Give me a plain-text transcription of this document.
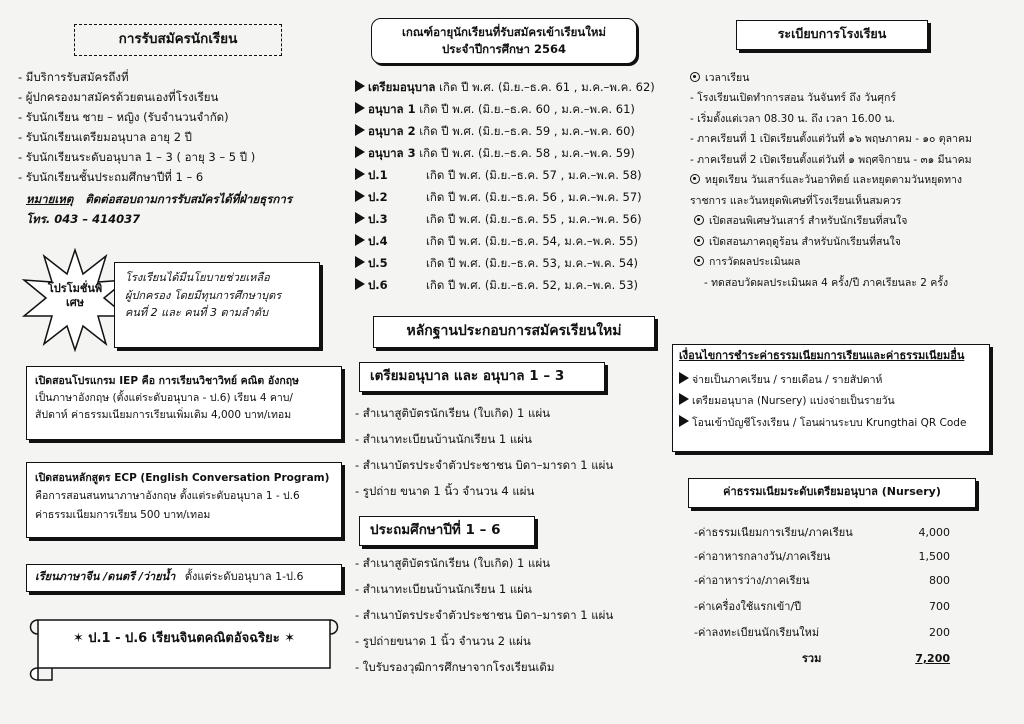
การรับสมัครนักเรียน
- มีบริการรับสมัครถึงที่
- ผู้ปกครองมาสมัครด้วยตนเองที่โรงเรียน
- รับนักเรียน ชาย – หญิง (รับจำนวนจำกัด)
- รับนักเรียนเตรียมอนุบาล อายุ 2 ปี
- รับนักเรียนระดับอนุบาล 1 – 3 ( อายุ 3 – 5 ปี )
- รับนักเรียนชั้นประถมศึกษาปีที่ 1 – 6
หมายเหตุ ติดต่อสอบถามการรับสมัครได้ที่ฝ่ายธุรการ
โทร. 043 – 414037
โปรโมชั่นพิเศษ
โรงเรียนได้มีนโยบายช่วยเหลือ
ผู้ปกครอง โดยมีทุนการศึกษาบุตร
คนที่ 2 และ คนที่ 3 ตามลำดับ
เปิดสอนโปรแกรม IEP คือ การเรียนวิชาวิทย์ คณิต อังกฤษ
เป็นภาษาอังกฤษ (ตั้งแต่ระดับอนุบาล - ป.6) เรียน 4 คาบ/
สัปดาห์ ค่าธรรมเนียมการเรียนเพิ่มเติม 4,000 บาท/เทอม
เปิดสอนหลักสูตร ECP (English Conversation Program)
คือการสอนสนทนาภาษาอังกฤษ ตั้งแต่ระดับอนุบาล 1 - ป.6
ค่าธรรมเนียมการเรียน 500 บาท/เทอม
เรียนภาษาจีน /ดนตรี /ว่ายน้ำ ตั้งแต่ระดับอนุบาล 1-ป.6
✶ ป.1 - ป.6 เรียนจินตคณิตอัจฉริยะ ✶
เกณฑ์อายุนักเรียนที่รับสมัครเข้าเรียนใหม่
ประจำปีการศึกษา 2564
เตรียมอนุบาล เกิด ปี พ.ศ. (มิ.ย.–ธ.ค. 61 , ม.ค.–พ.ค. 62)
อนุบาล 1 เกิด ปี พ.ศ. (มิ.ย.–ธ.ค. 60 , ม.ค.–พ.ค. 61)
อนุบาล 2 เกิด ปี พ.ศ. (มิ.ย.–ธ.ค. 59 , ม.ค.–พ.ค. 60)
อนุบาล 3 เกิด ปี พ.ศ. (มิ.ย.–ธ.ค. 58 , ม.ค.–พ.ค. 59)
ป.1	เกิด ปี พ.ศ. (มิ.ย.–ธ.ค. 57 , ม.ค.–พ.ค. 58)
ป.2	เกิด ปี พ.ศ. (มิ.ย.–ธ.ค. 56 , ม.ค.–พ.ค. 57)
ป.3	เกิด ปี พ.ศ. (มิ.ย.–ธ.ค. 55 , ม.ค.–พ.ค. 56)
ป.4	เกิด ปี พ.ศ. (มิ.ย.–ธ.ค. 54, ม.ค.–พ.ค. 55)
ป.5	เกิด ปี พ.ศ. (มิ.ย.–ธ.ค. 53, ม.ค.–พ.ค. 54)
ป.6	เกิด ปี พ.ศ. (มิ.ย.–ธ.ค. 52, ม.ค.–พ.ค. 53)
หลักฐานประกอบการสมัครเรียนใหม่
เตรียมอนุบาล และ อนุบาล 1 – 3
- สำเนาสูติบัตรนักเรียน (ใบเกิด) 1 แผ่น
- สำเนาทะเบียนบ้านนักเรียน 1 แผ่น
- สำเนาบัตรประจำตัวประชาชน บิดา–มารดา 1 แผ่น
- รูปถ่าย ขนาด 1 นิ้ว จำนวน 4 แผ่น
ประถมศึกษาปีที่ 1 – 6
- สำเนาสูติบัตรนักเรียน (ใบเกิด) 1 แผ่น
- สำเนาทะเบียนบ้านนักเรียน 1 แผ่น
- สำเนาบัตรประจำตัวประชาชน บิดา–มารดา 1 แผ่น
- รูปถ่ายขนาด 1 นิ้ว จำนวน 2 แผ่น
- ใบรับรองวุฒิการศึกษาจากโรงเรียนเดิม
ระเบียบการโรงเรียน
เวลาเรียน
- โรงเรียนเปิดทำการสอน วันจันทร์ ถึง วันศุกร์
- เริ่มตั้งแต่เวลา 08.30 น. ถึง เวลา 16.00 น.
- ภาคเรียนที่ 1 เปิดเรียนตั้งแต่วันที่ ๑๖ พฤษภาคม - ๑๐ ตุลาคม
- ภาคเรียนที่ 2 เปิดเรียนตั้งแต่วันที่ ๑ พฤศจิกายน - ๓๑ มีนาคม
หยุดเรียน วันเสาร์และวันอาทิตย์ และหยุดตามวันหยุดทาง
ราชการ และวันหยุดพิเศษที่โรงเรียนเห็นสมควร
เปิดสอนพิเศษวันเสาร์ สำหรับนักเรียนที่สนใจ
เปิดสอนภาคฤดูร้อน สำหรับนักเรียนที่สนใจ
การวัดผลประเมินผล
- ทดสอบวัดผลประเมินผล 4 ครั้ง/ปี ภาคเรียนละ 2 ครั้ง
เงื่อนไขการชำระค่าธรรมเนียมการเรียนและค่าธรรมเนียมอื่น
จ่ายเป็นภาคเรียน / รายเดือน / รายสัปดาห์
เตรียมอนุบาล (Nursery) แบ่งจ่ายเป็นรายวัน
โอนเข้าบัญชีโรงเรียน / โอนผ่านระบบ Krungthai QR Code
ค่าธรรมเนียมระดับเตรียมอนุบาล (Nursery)
-ค่าธรรมเนียมการเรียน/ภาคเรียน	4,000
-ค่าอาหารกลางวัน/ภาคเรียน	1,500
-ค่าอาหารว่าง/ภาคเรียน	800
-ค่าเครื่องใช้แรกเข้า/ปี	700
-ค่าลงทะเบียนนักเรียนใหม่	200
รวม	7,200
